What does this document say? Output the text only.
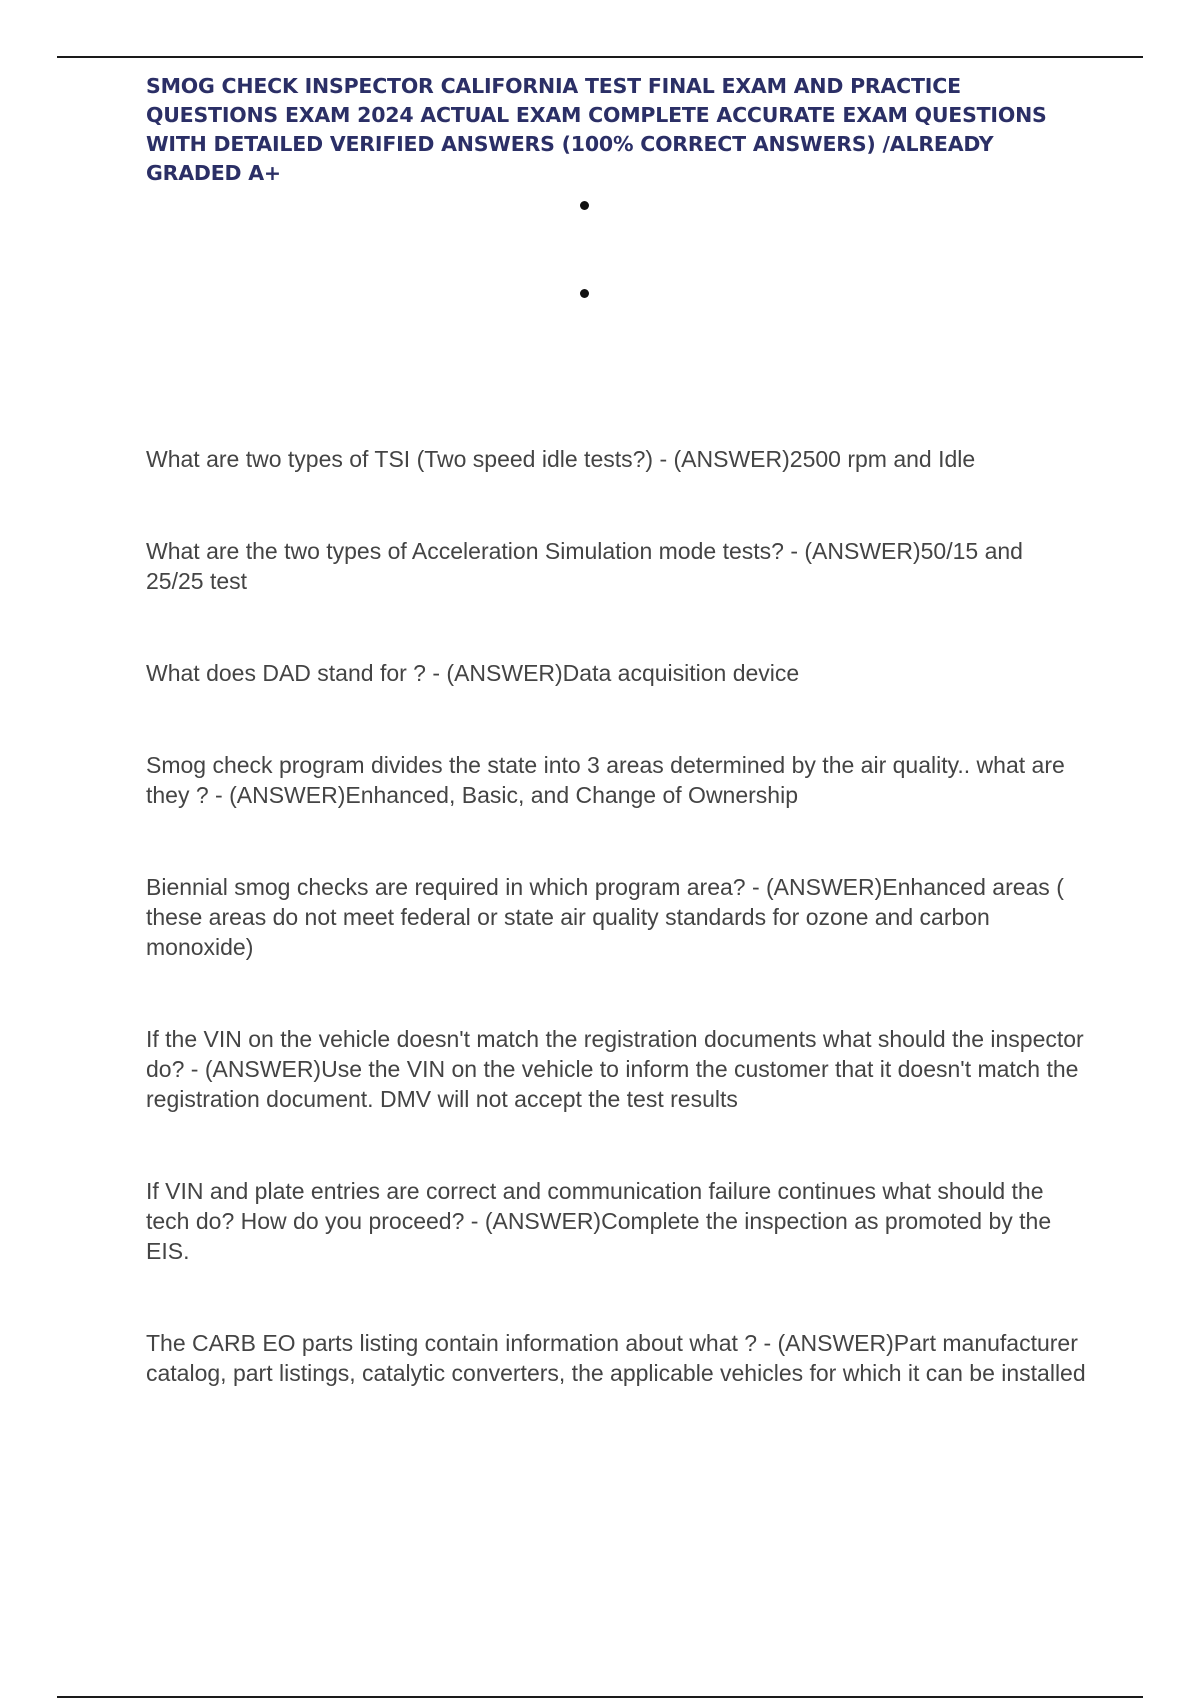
SMOG CHECK INSPECTOR CALIFORNIA TEST FINAL EXAM AND PRACTICE QUESTIONS EXAM 2024 ACTUAL EXAM COMPLETE ACCURATE EXAM QUESTIONS WITH DETAILED VERIFIED ANSWERS (100% CORRECT ANSWERS) /ALREADY GRADED A+
What are two types of TSI (Two speed idle tests?) - (ANSWER)2500 rpm and Idle
What are the two types of Acceleration Simulation mode tests? - (ANSWER)50/15 and 25/25 test
What does DAD stand for ? - (ANSWER)Data acquisition device
Smog check program divides the state into 3 areas determined by the air quality.. what are they ? - (ANSWER)Enhanced, Basic, and Change of Ownership
Biennial smog checks are required in which program area? - (ANSWER)Enhanced areas ( these areas do not meet federal or state air quality standards for ozone and carbon monoxide)
If the VIN on the vehicle doesn't match the registration documents what should the inspector do? - (ANSWER)Use the VIN on the vehicle to inform the customer that it doesn't match the registration document. DMV will not accept the test results
If VIN and plate entries are correct and communication failure continues what should the tech do? How do you proceed? - (ANSWER)Complete the inspection as promoted by the EIS.
The CARB EO parts listing contain information about what ? - (ANSWER)Part manufacturer catalog, part listings, catalytic converters, the applicable vehicles for which it can be installed
